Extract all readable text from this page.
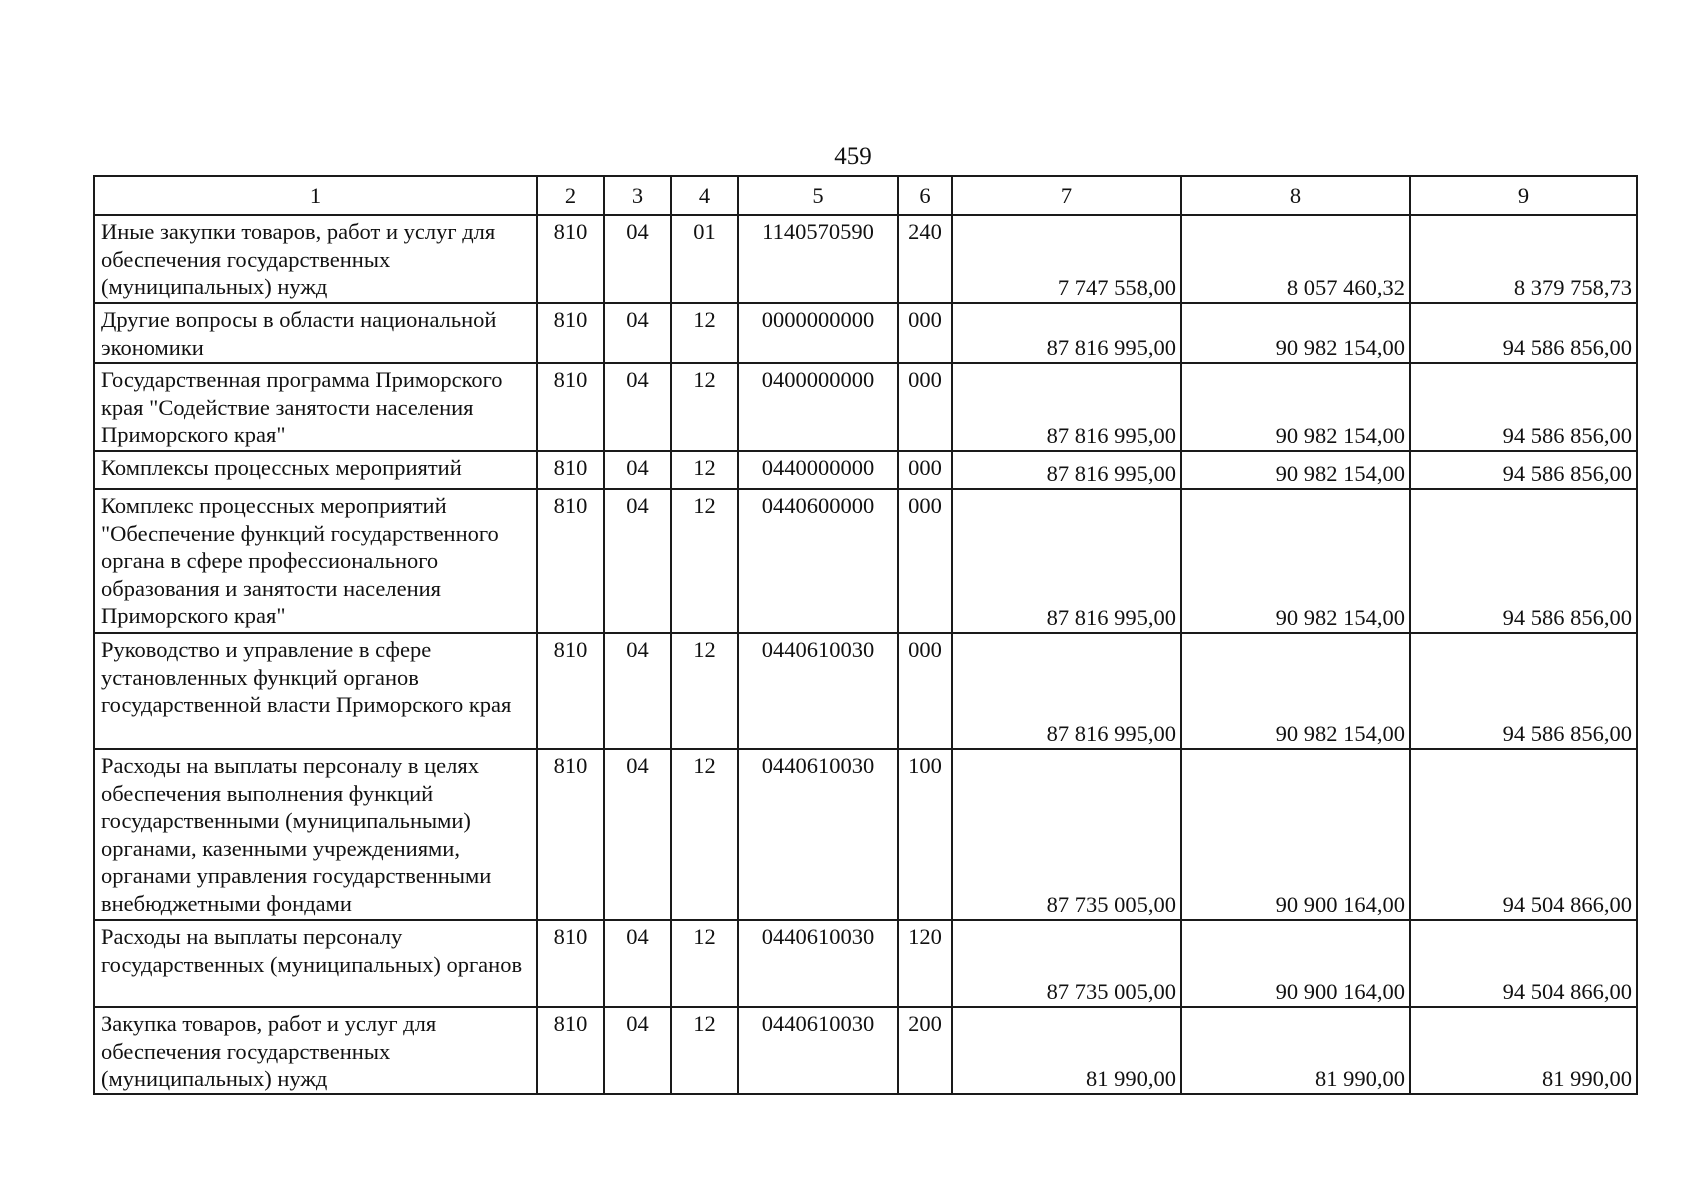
459
1	2	3	4	5	6	7	8	9
Иные закупки товаров, работ и услуг для обеспечения государственных (муниципальных) нужд	810	04	01	1140570590	240	7 747 558,00	8 057 460,32	8 379 758,73
Другие вопросы в области национальной экономики	810	04	12	0000000000	000	87 816 995,00	90 982 154,00	94 586 856,00
Государственная программа Приморского края "Содействие занятости населения Приморского края"	810	04	12	0400000000	000	87 816 995,00	90 982 154,00	94 586 856,00
Комплексы процессных мероприятий	810	04	12	0440000000	000	87 816 995,00	90 982 154,00	94 586 856,00
Комплекс процессных мероприятий "Обеспечение функций государственного органа в сфере профессионального образования и занятости населения Приморского края"	810	04	12	0440600000	000	87 816 995,00	90 982 154,00	94 586 856,00
Руководство и управление в сфере установленных функций органов государственной власти Приморского края	810	04	12	0440610030	000	87 816 995,00	90 982 154,00	94 586 856,00
Расходы на выплаты персоналу в целях обеспечения выполнения функций государственными (муниципальными) органами, казенными учреждениями, органами управления государственными внебюджетными фондами	810	04	12	0440610030	100	87 735 005,00	90 900 164,00	94 504 866,00
Расходы на выплаты персоналу государственных (муниципальных) органов	810	04	12	0440610030	120	87 735 005,00	90 900 164,00	94 504 866,00
Закупка товаров, работ и услуг для обеспечения государственных (муниципальных) нужд	810	04	12	0440610030	200	81 990,00	81 990,00	81 990,00
